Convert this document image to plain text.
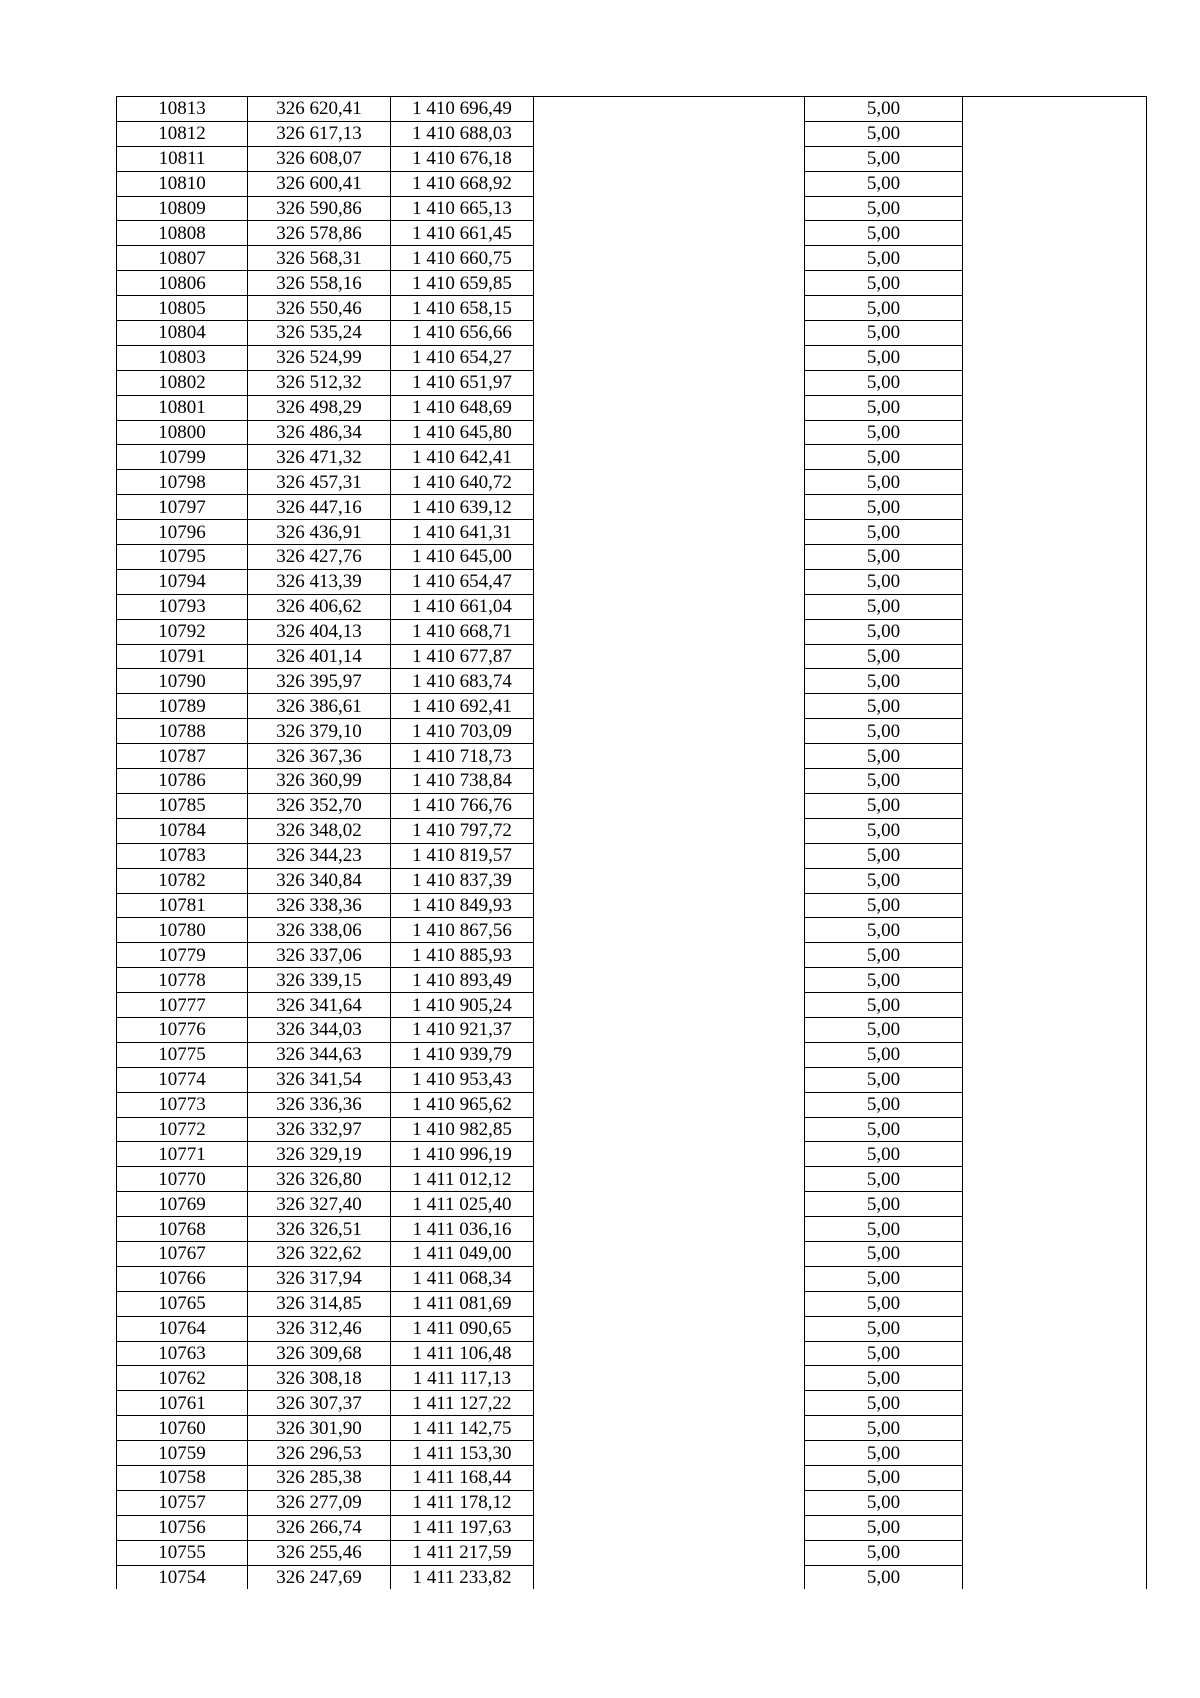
10813	326 620,41	1 410 696,49		5,00	
10812	326 617,13	1 410 688,03		5,00	
10811	326 608,07	1 410 676,18		5,00	
10810	326 600,41	1 410 668,92		5,00	
10809	326 590,86	1 410 665,13		5,00	
10808	326 578,86	1 410 661,45		5,00	
10807	326 568,31	1 410 660,75		5,00	
10806	326 558,16	1 410 659,85		5,00	
10805	326 550,46	1 410 658,15		5,00	
10804	326 535,24	1 410 656,66		5,00	
10803	326 524,99	1 410 654,27		5,00	
10802	326 512,32	1 410 651,97		5,00	
10801	326 498,29	1 410 648,69		5,00	
10800	326 486,34	1 410 645,80		5,00	
10799	326 471,32	1 410 642,41		5,00	
10798	326 457,31	1 410 640,72		5,00	
10797	326 447,16	1 410 639,12		5,00	
10796	326 436,91	1 410 641,31		5,00	
10795	326 427,76	1 410 645,00		5,00	
10794	326 413,39	1 410 654,47		5,00	
10793	326 406,62	1 410 661,04		5,00	
10792	326 404,13	1 410 668,71		5,00	
10791	326 401,14	1 410 677,87		5,00	
10790	326 395,97	1 410 683,74		5,00	
10789	326 386,61	1 410 692,41		5,00	
10788	326 379,10	1 410 703,09		5,00	
10787	326 367,36	1 410 718,73		5,00	
10786	326 360,99	1 410 738,84		5,00	
10785	326 352,70	1 410 766,76		5,00	
10784	326 348,02	1 410 797,72		5,00	
10783	326 344,23	1 410 819,57		5,00	
10782	326 340,84	1 410 837,39		5,00	
10781	326 338,36	1 410 849,93		5,00	
10780	326 338,06	1 410 867,56		5,00	
10779	326 337,06	1 410 885,93		5,00	
10778	326 339,15	1 410 893,49		5,00	
10777	326 341,64	1 410 905,24		5,00	
10776	326 344,03	1 410 921,37		5,00	
10775	326 344,63	1 410 939,79		5,00	
10774	326 341,54	1 410 953,43		5,00	
10773	326 336,36	1 410 965,62		5,00	
10772	326 332,97	1 410 982,85		5,00	
10771	326 329,19	1 410 996,19		5,00	
10770	326 326,80	1 411 012,12		5,00	
10769	326 327,40	1 411 025,40		5,00	
10768	326 326,51	1 411 036,16		5,00	
10767	326 322,62	1 411 049,00		5,00	
10766	326 317,94	1 411 068,34		5,00	
10765	326 314,85	1 411 081,69		5,00	
10764	326 312,46	1 411 090,65		5,00	
10763	326 309,68	1 411 106,48		5,00	
10762	326 308,18	1 411 117,13		5,00	
10761	326 307,37	1 411 127,22		5,00	
10760	326 301,90	1 411 142,75		5,00	
10759	326 296,53	1 411 153,30		5,00	
10758	326 285,38	1 411 168,44		5,00	
10757	326 277,09	1 411 178,12		5,00	
10756	326 266,74	1 411 197,63		5,00	
10755	326 255,46	1 411 217,59		5,00	
10754	326 247,69	1 411 233,82		5,00	
